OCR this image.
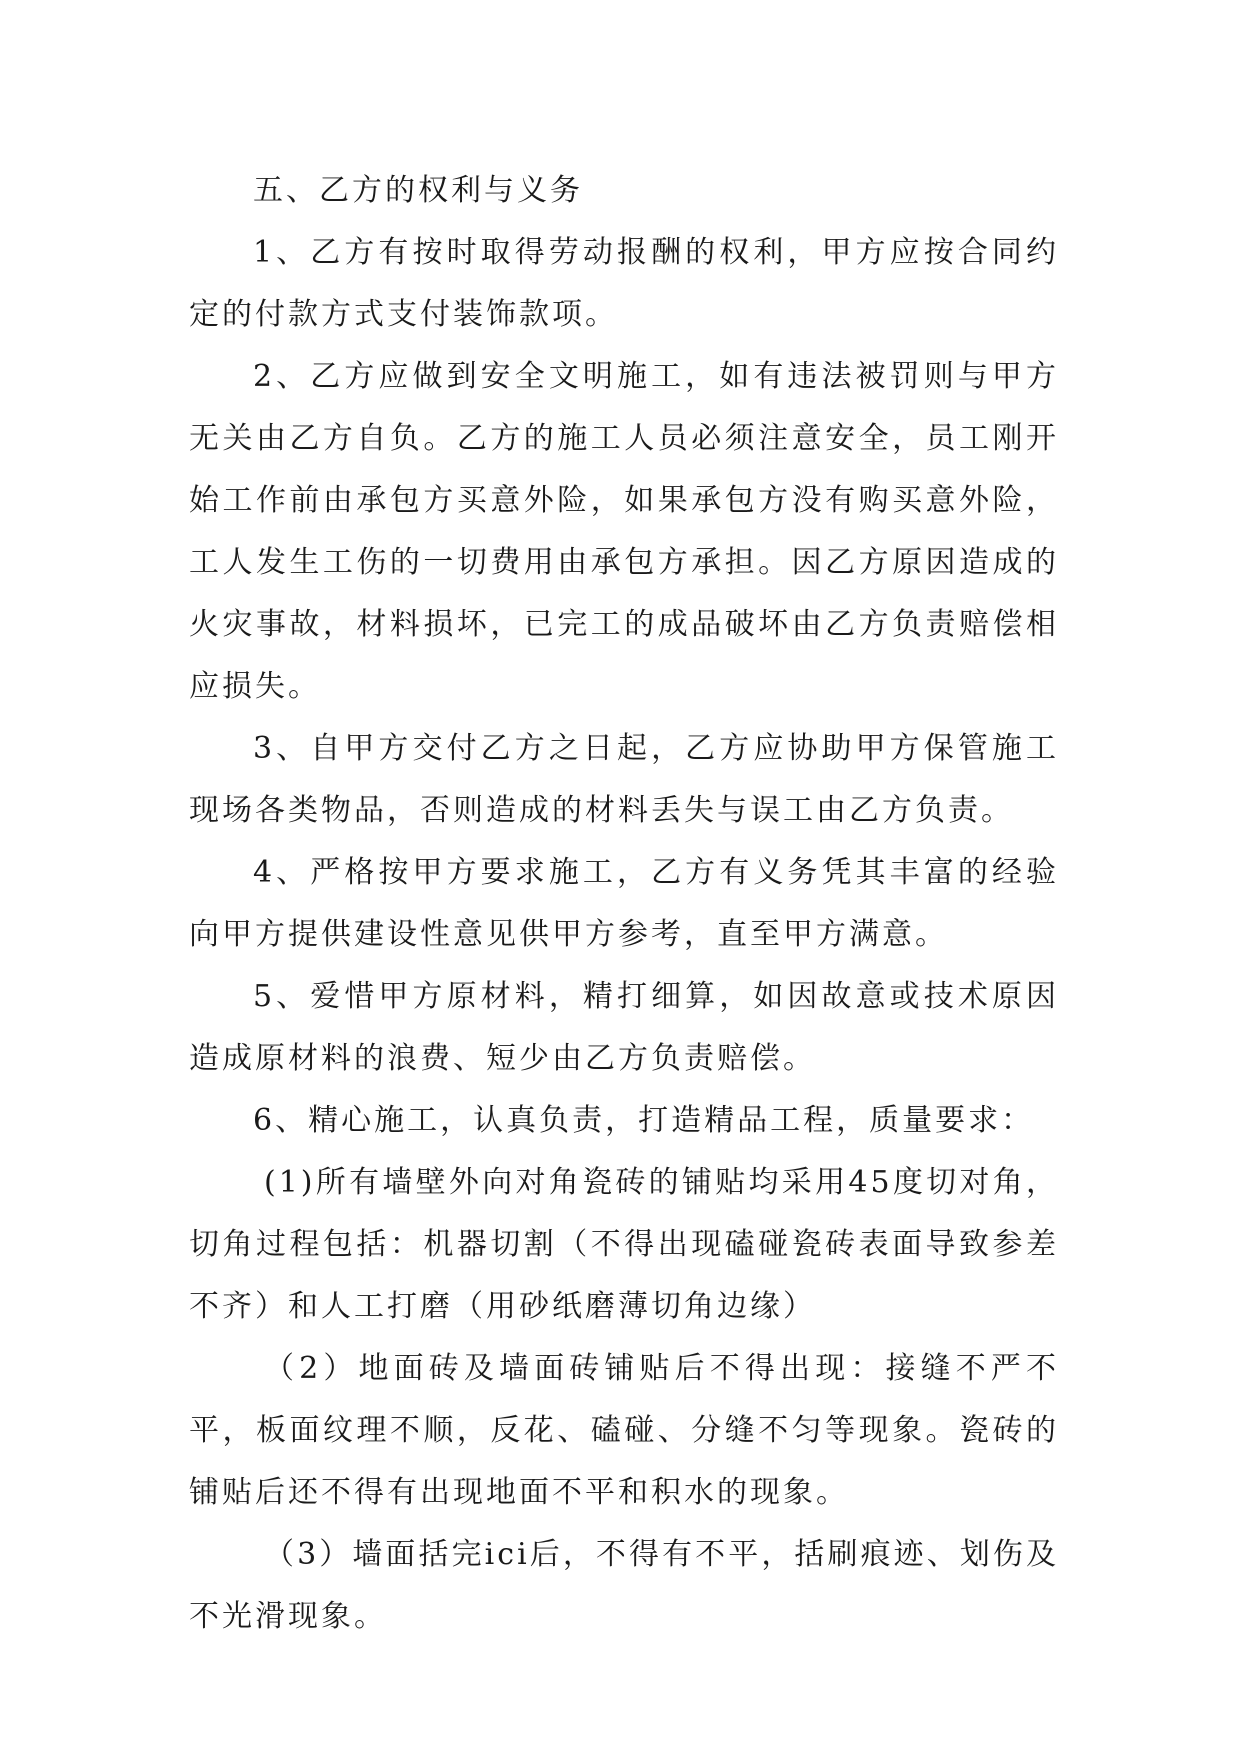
五、乙方的权利与义务

1、乙方有按时取得劳动报酬的权利，甲方应按合同约定的付款方式支付装饰款项。

2、乙方应做到安全文明施工，如有违法被罚则与甲方无关由乙方自负。乙方的施工人员必须注意安全，员工刚开始工作前由承包方买意外险，如果承包方没有购买意外险，工人发生工伤的一切费用由承包方承担。因乙方原因造成的火灾事故，材料损坏，已完工的成品破坏由乙方负责赔偿相应损失。

3、自甲方交付乙方之日起，乙方应协助甲方保管施工现场各类物品，否则造成的材料丢失与误工由乙方负责。

4、严格按甲方要求施工，乙方有义务凭其丰富的经验向甲方提供建设性意见供甲方参考，直至甲方满意。

5、爱惜甲方原材料，精打细算，如因故意或技术原因造成原材料的浪费、短少由乙方负责赔偿。

6、精心施工，认真负责，打造精品工程，质量要求：

(1)所有墙壁外向对角瓷砖的铺贴均采用45度切对角，切角过程包括：机器切割（不得出现磕碰瓷砖表面导致参差不齐）和人工打磨（用砂纸磨薄切角边缘）

（2）地面砖及墙面砖铺贴后不得出现：接缝不严不平，板面纹理不顺，反花、磕碰、分缝不匀等现象。瓷砖的铺贴后还不得有出现地面不平和积水的现象。

（3）墙面括完ici后，不得有不平，括刷痕迹、划伤及不光滑现象。
